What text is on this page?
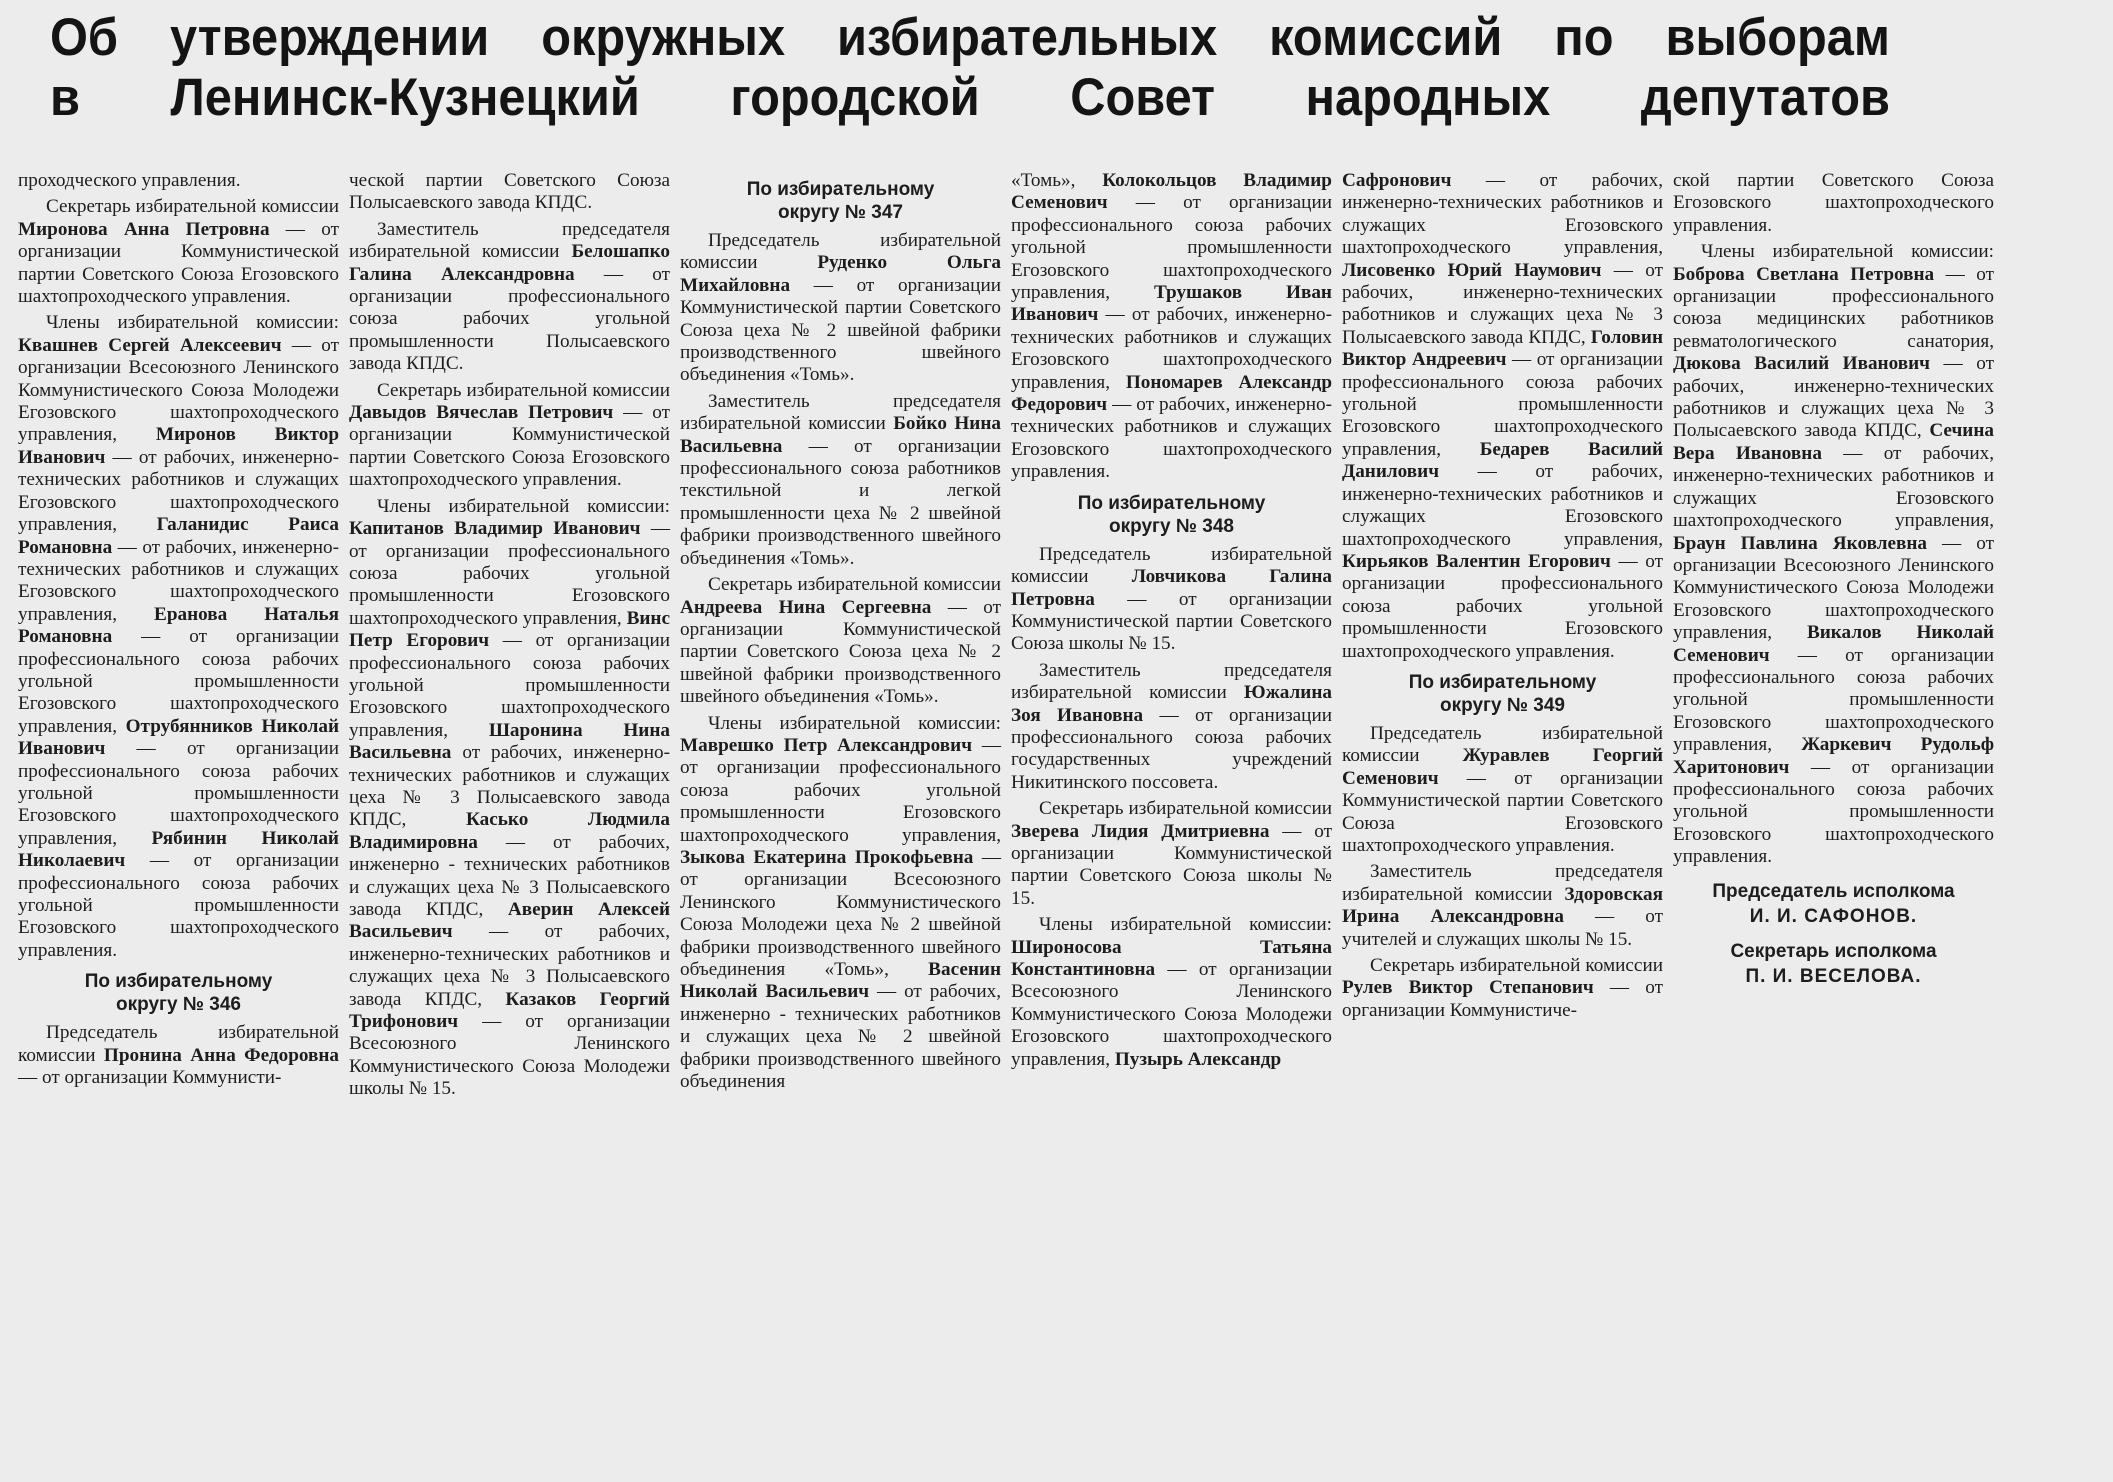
Об утверждении окружных избирательных комиссий по выборам
в Ленинск-Кузнецкий городской Совет народных депутатов

проходческого управления.

Секретарь избирательной комиссии Миронова Анна Петровна — от организации Коммунистической партии Советского Союза Егозовского шахтопроходческого управления.

Члены избирательной комиссии: Квашнев Сергей Алексеевич — от организации Всесоюзного Ленинского Коммунистического Союза Молодежи Егозовского шахтопроходческого управления, Миронов Виктор Иванович — от рабочих, инженерно-технических работников и служащих Егозовского шахтопроходческого управления, Галанидис Раиса Романовна — от рабочих, инженерно-технических работников и служащих Егозовского шахтопроходческого управления, Еранова Наталья Романовна — от организации профессионального союза рабочих угольной промышленности Егозовского шахтопроходческого управления, Отрубянников Николай Иванович — от организации профессионального союза рабочих угольной промышленности Егозовского шахтопроходческого управления, Рябинин Николай Николаевич — от организации профессионального союза рабочих угольной промышленности Егозовского шахтопроходческого управления.

По избирательному
округу № 346

Председатель избирательной комиссии Пронина Анна Федоровна — от организации Коммунисти-

ческой партии Советского Союза Полысаевского завода КПДС.

Заместитель председателя избирательной комиссии Белошапко Галина Александровна — от организации профессионального союза рабочих угольной промышленности Полысаевского завода КПДС.

Секретарь избирательной комиссии Давыдов Вячеслав Петрович — от организации Коммунистической партии Советского Союза Егозовского шахтопроходческого управления.

Члены избирательной комиссии: Капитанов Владимир Иванович — от организации профессионального союза рабочих угольной промышленности Егозовского шахтопроходческого управления, Винс Петр Егорович — от организации профессионального союза рабочих угольной промышленности Егозовского шахтопроходческого управления, Шаронина Нина Васильевна от рабочих, инженерно-технических работников и служащих цеха № 3 Полысаевского завода КПДС, Касько Людмила Владимировна — от рабочих, инженерно - технических работников и служащих цеха № 3 Полысаевского завода КПДС, Аверин Алексей Васильевич — от рабочих, инженерно-технических работников и служащих цеха № 3 Полысаевского завода КПДС, Казаков Георгий Трифонович — от организации Всесоюзного Ленинского Коммунистического Союза Молодежи школы № 15.

По избирательному
округу № 347

Председатель избирательной комиссии Руденко Ольга Михайловна — от организации Коммунистической партии Советского Союза цеха № 2 швейной фабрики производственного швейного объединения «Томь».

Заместитель председателя избирательной комиссии Бойко Нина Васильевна — от организации профессионального союза работников текстильной и легкой промышленности цеха № 2 швейной фабрики производственного швейного объединения «Томь».

Секретарь избирательной комиссии Андреева Нина Сергеевна — от организации Коммунистической партии Советского Союза цеха № 2 швейной фабрики производственного швейного объединения «Томь».

Члены избирательной комиссии: Маврешко Петр Александрович — от организации профессионального союза рабочих угольной промышленности Егозовского шахтопроходческого управления, Зыкова Екатерина Прокофьевна — от организации Всесоюзного Ленинского Коммунистического Союза Молодежи цеха № 2 швейной фабрики производственного швейного объединения «Томь», Васенин Николай Васильевич — от рабочих, инженерно - технических работников и служащих цеха № 2 швейной фабрики производственного швейного объединения

«Томь», Колокольцов Владимир Семенович — от организации профессионального союза рабочих угольной промышленности Егозовского шахтопроходческого управления, Трушаков Иван Иванович — от рабочих, инженерно-технических работников и служащих Егозовского шахтопроходческого управления, Пономарев Александр Федорович — от рабочих, инженерно-технических работников и служащих Егозовского шахтопроходческого управления.

По избирательному
округу № 348

Председатель избирательной комиссии Ловчикова Галина Петровна — от организации Коммунистической партии Советского Союза школы № 15.

Заместитель председателя избирательной комиссии Южалина Зоя Ивановна — от организации профессионального союза рабочих государственных учреждений Никитинского поссовета.

Секретарь избирательной комиссии Зверева Лидия Дмитриевна — от организации Коммунистической партии Советского Союза школы № 15.

Члены избирательной комиссии: Широносова Татьяна Константиновна — от организации Всесоюзного Ленинского Коммунистического Союза Молодежи Егозовского шахтопроходческого управления, Пузырь Александр

Сафронович — от рабочих, инженерно-технических работников и служащих Егозовского шахтопроходческого управления, Лисовенко Юрий Наумович — от рабочих, инженерно-технических работников и служащих цеха № 3 Полысаевского завода КПДС, Головин Виктор Андреевич — от организации профессионального союза рабочих угольной промышленности Егозовского шахтопроходческого управления, Бедарев Василий Данилович — от рабочих, инженерно-технических работников и служащих Егозовского шахтопроходческого управления, Кирьяков Валентин Егорович — от организации профессионального союза рабочих угольной промышленности Егозовского шахтопроходческого управления.

По избирательному
округу № 349

Председатель избирательной комиссии Журавлев Георгий Семенович — от организации Коммунистической партии Советского Союза Егозовского шахтопроходческого управления.

Заместитель председателя избирательной комиссии Здоровская Ирина Александровна — от учителей и служащих школы № 15.

Секретарь избирательной комиссии Рулев Виктор Степанович — от организации Коммунистиче-

ской партии Советского Союза Егозовского шахтопроходческого управления.

Члены избирательной комиссии: Боброва Светлана Петровна — от организации профессионального союза медицинских работников ревматологического санатория, Дюкова Василий Иванович — от рабочих, инженерно-технических работников и служащих цеха № 3 Полысаевского завода КПДС, Сечина Вера Ивановна — от рабочих, инженерно-технических работников и служащих Егозовского шахтопроходческого управления, Браун Павлина Яковлевна — от организации Всесоюзного Ленинского Коммунистического Союза Молодежи Егозовского шахтопроходческого управления, Викалов Николай Семенович — от организации профессионального союза рабочих угольной промышленности Егозовского шахтопроходческого управления, Жаркевич Рудольф Харитонович — от организации профессионального союза рабочих угольной промышленности Егозовского шахтопроходческого управления.

Председатель исполкома
И. И. САФОНОВ.
Секретарь исполкома
П. И. ВЕСЕЛОВА.
